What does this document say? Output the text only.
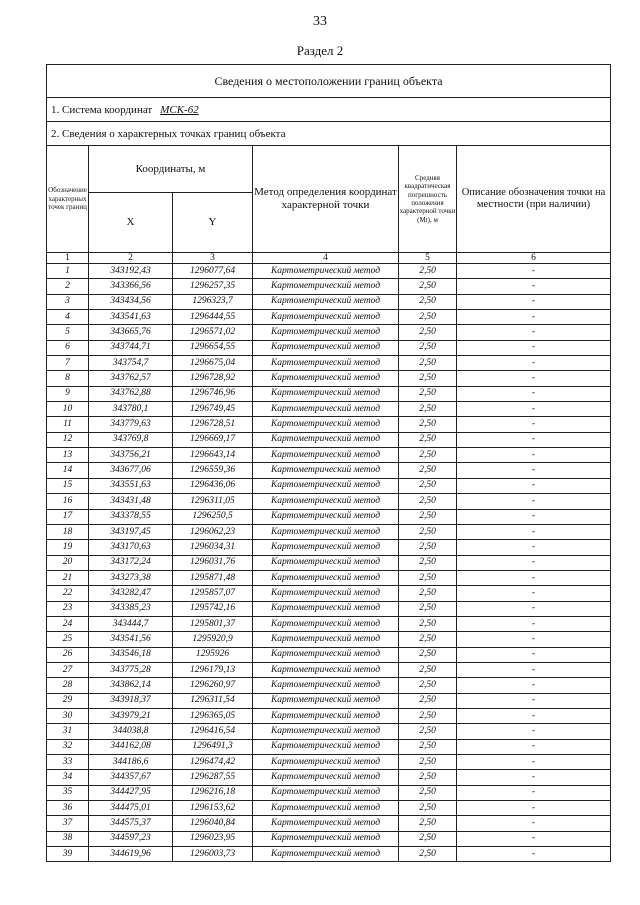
33
Раздел 2
Сведения о местоположении границ объекта					
1. Система координат МСК-62					
2. Сведения о характерных точках границ объекта					
Обозначение характерных точек границ	Координаты, м		Метод определения координат характерной точки	Средняя квадратическая погрешность положения характерной точки (Mt), м	Описание обозначения точки на местности (при наличии)
	X	Y			
1	2	3	4	5	6
1	343192,43	1296077,64	Картометрический метод	2,50	-
2	343366,56	1296257,35	Картометрический метод	2,50	-
3	343434,56	1296323,7	Картометрический метод	2,50	-
4	343541,63	1296444,55	Картометрический метод	2,50	-
5	343665,76	1296571,02	Картометрический метод	2,50	-
6	343744,71	1296654,55	Картометрический метод	2,50	-
7	343754,7	1296675,04	Картометрический метод	2,50	-
8	343762,57	1296728,92	Картометрический метод	2,50	-
9	343762,88	1296746,96	Картометрический метод	2,50	-
10	343780,1	1296749,45	Картометрический метод	2,50	-
11	343779,63	1296728,51	Картометрический метод	2,50	-
12	343769,8	1296669,17	Картометрический метод	2,50	-
13	343756,21	1296643,14	Картометрический метод	2,50	-
14	343677,06	1296559,36	Картометрический метод	2,50	-
15	343551,63	1296436,06	Картометрический метод	2,50	-
16	343431,48	1296311,05	Картометрический метод	2,50	-
17	343378,55	1296250,5	Картометрический метод	2,50	-
18	343197,45	1296062,23	Картометрический метод	2,50	-
19	343170,63	1296034,31	Картометрический метод	2,50	-
20	343172,24	1296031,76	Картометрический метод	2,50	-
21	343273,38	1295871,48	Картометрический метод	2,50	-
22	343282,47	1295857,07	Картометрический метод	2,50	-
23	343385,23	1295742,16	Картометрический метод	2,50	-
24	343444,7	1295801,37	Картометрический метод	2,50	-
25	343541,56	1295920,9	Картометрический метод	2,50	-
26	343546,18	1295926	Картометрический метод	2,50	-
27	343775,28	1296179,13	Картометрический метод	2,50	-
28	343862,14	1296260,97	Картометрический метод	2,50	-
29	343918,37	1296311,54	Картометрический метод	2,50	-
30	343979,21	1296365,05	Картометрический метод	2,50	-
31	344038,8	1296416,54	Картометрический метод	2,50	-
32	344162,08	1296491,3	Картометрический метод	2,50	-
33	344186,6	1296474,42	Картометрический метод	2,50	-
34	344357,67	1296287,55	Картометрический метод	2,50	-
35	344427,95	1296216,18	Картометрический метод	2,50	-
36	344475,01	1296153,62	Картометрический метод	2,50	-
37	344575,37	1296040,84	Картометрический метод	2,50	-
38	344597,23	1296023,95	Картометрический метод	2,50	-
39	344619,96	1296003,73	Картометрический метод	2,50	-
